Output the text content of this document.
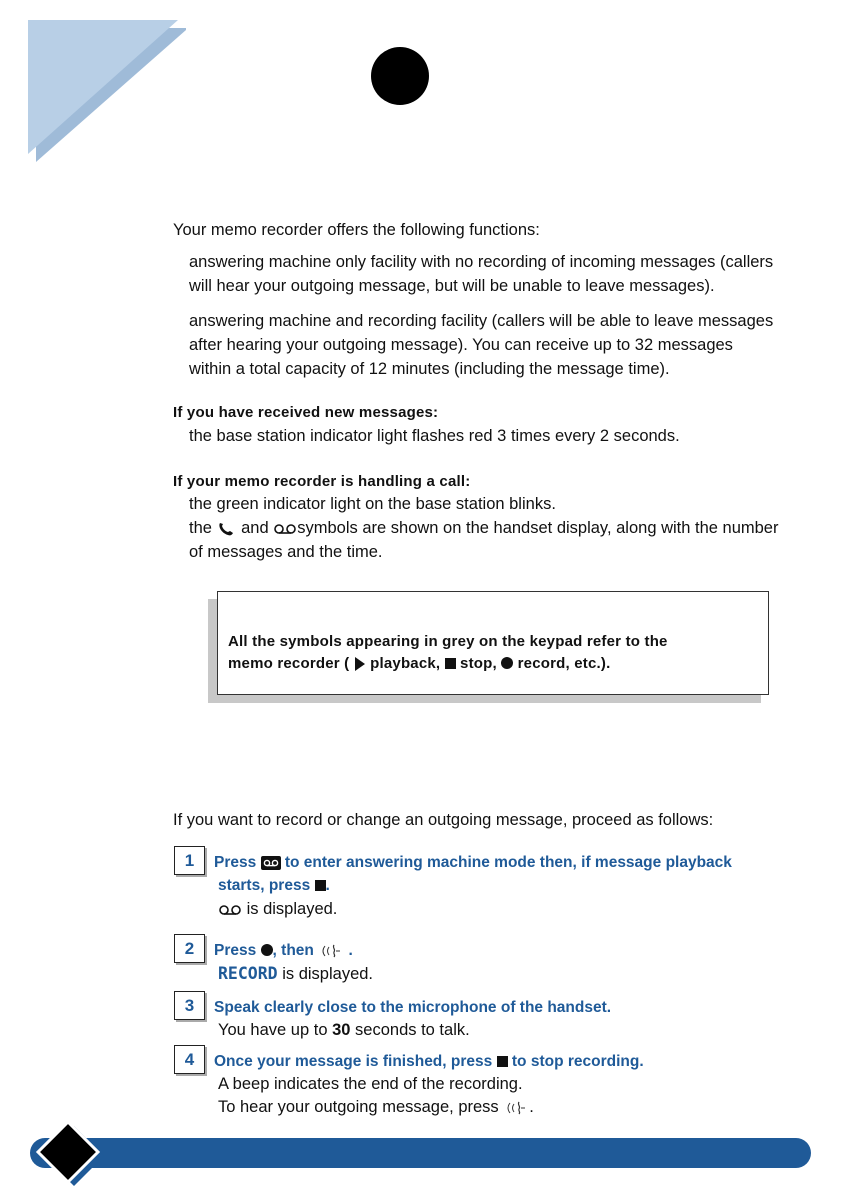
Your memo recorder offers the following functions:
answering machine only facility with no recording of incoming messages (callers
will hear your outgoing message, but will be unable to leave messages).
answering machine and recording facility (callers will be able to leave messages
after hearing your outgoing message). You can receive up to 32 messages
within a total capacity of 12 minutes (including the message time).
If you have received new messages:
the base station indicator light flashes red 3 times every 2 seconds.
If your memo recorder is handling a call:
the green indicator light on the base station blinks.
the and symbols are shown on the handset display, along with the number
of messages and the time.
All the symbols appearing in grey on the keypad refer to the
memo recorder ( playback, stop, record, etc.).
If you want to record or change an outgoing message, proceed as follows:
1	Press to enter answering machine mode then, if message playback
starts, press .
is displayed.
2	Press , then .
RECORD is displayed.
3	Speak clearly close to the microphone of the handset.
You have up to 30 seconds to talk.
4	Once your message is finished, press to stop recording.
A beep indicates the end of the recording.
To hear your outgoing message, press .
